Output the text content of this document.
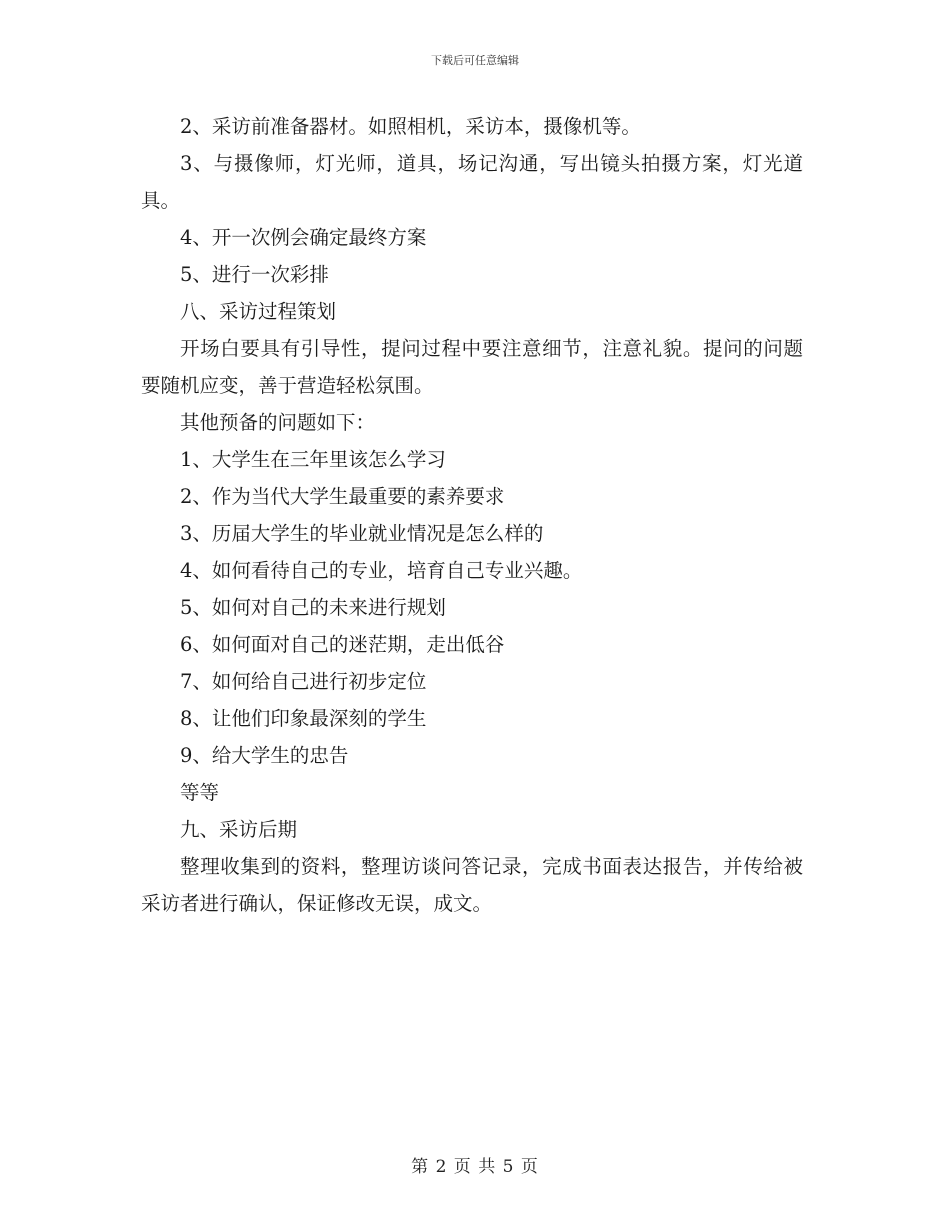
下载后可任意编辑

2、采访前准备器材。如照相机，采访本，摄像机等。

3、与摄像师，灯光师，道具，场记沟通，写出镜头拍摄方案，灯光道具。

4、开一次例会确定最终方案

5、进行一次彩排

八、采访过程策划

开场白要具有引导性，提问过程中要注意细节，注意礼貌。提问的问题要随机应变，善于营造轻松氛围。

其他预备的问题如下：

1、大学生在三年里该怎么学习

2、作为当代大学生最重要的素养要求

3、历届大学生的毕业就业情况是怎么样的

4、如何看待自己的专业，培育自己专业兴趣。

5、如何对自己的未来进行规划

6、如何面对自己的迷茫期，走出低谷

7、如何给自己进行初步定位

8、让他们印象最深刻的学生

9、给大学生的忠告

等等

九、采访后期

整理收集到的资料，整理访谈问答记录，完成书面表达报告，并传给被采访者进行确认，保证修改无误，成文。

第 2 页 共 5 页
